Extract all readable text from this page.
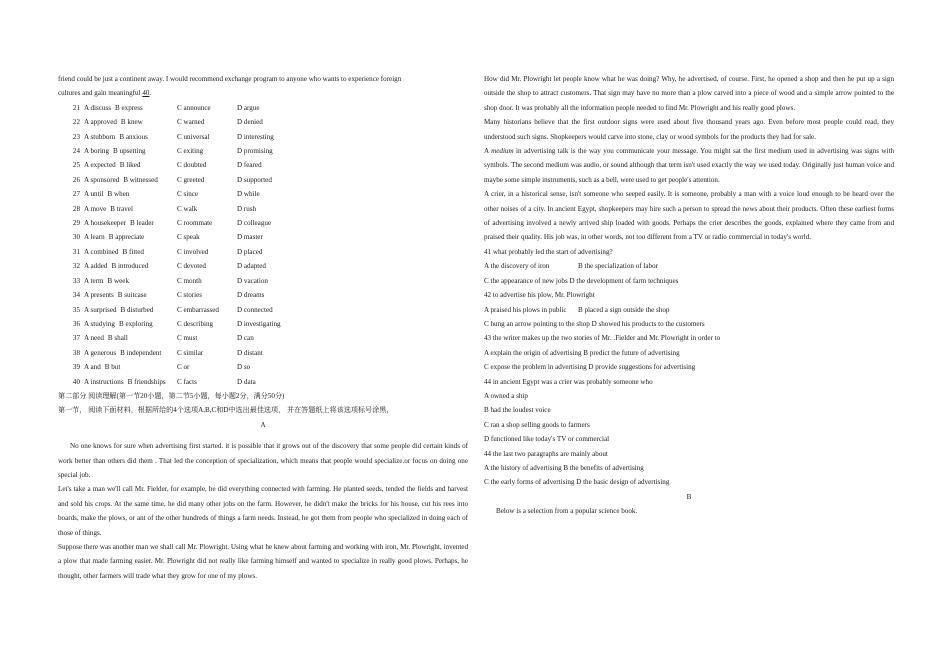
friend could be just a continent away. I would recommend exchange program to anyone who wants to experience foreign
cultures and gain meaningful 40.
21 A discuss B express	C announce	D argue
22 A approved B knew	C warned	D denied
23 A stubborn B anxious	C universal	D interesting
24 A boring B upsetting	C exiting	D promising
25 A expected B liked	C doubted	D feared
26 A sponsored B witnessed	C greeted	D supported
27 A until B when	C since	D while
28 A move B travel	C walk	D rush
29 A housekeeper B leader	C roommate	D colleague
30 A learn B appreciate	C speak	D master
31 A combined B fitted	C involved	D placed
32 A added B introduced	C devoted	D adapted
33 A term B week	C month	D vacation
34 A presents B suitcase	C stories	D dreams
35 A surprised B disturbed	C embarrassed	D connected
36 A studying B exploring	C describing	D investigating
37 A need B shall	C must	D can
38 A generous B independent	C similar	D distant
39 A and B but	C or	D so
40 A instructions B friendships	C facts	D data
第二部分 阅读理解(第一节20小题，第二节5小题，每小题2分，满分50分)
第一节， 阅读下面材料，根据所给的4个选项A,B,C和D中选出最佳选项， 并在答题纸上将该选项标号涂黑，
A
No one knows for sure when advertising first started. it is possible that it grows out of the discovery that some people did certain kinds of work better than others did them . That led the conception of specialization, which means that people would specialize.or focus on doing one special job.
Let's take a man we'll call Mr. Fielder, for example, he did everything connected with farming. He planted seeds, tended the fields and harvest and sold his crops. At the same time, he did many other jobs on the farm. However, he didn't make the bricks for his house, cut his rees into boards, make the plows, or ant of the other hundreds of things a farm needs. Instead, he got them from people who specialized in doing each of those of things.
Suppose there was another man we shall call Mr. Plowright. Using what he knew about farming and working with iron, Mr. Plowright, invented a plow that made farming easier. Mr. Plowright did not really like farming himself and wanted to specialize in really good plows. Perhaps, he thought, other farmers will trade what they grow for one of my plows.
How did Mr. Plowright let people know what he was doing? Why, he advertised, of course. First, he opened a shop and then he put up a sign outside the shop to attract customers. That sign may have no more than a plow carved into a piece of wood and a simple arrow pointed to the shop door. It was probably all the information people needed to find Mr. Plowright and his really good plows.
Many historians believe that the first outdoor signs were used about five thousand years ago. Even before most people could read, they understood such signs. Shopkeepers would carve into stone, clay or wood symbols for the products they had for sale.
A medium in advertising talk is the way you communicate your message. You might sat the first medium used in advertising was signs with symbols. The second medium was audio, or sound although that term isn't used exactly the way we used today. Originally just human voice and maybe some simple instruments, such as a bell, were used to get people's attention.
A crier, in a historical sense, isn't someone who seeped easily. It is someone, probably a man with a voice loud enough to be heard over the other noises of a city. In ancient Egypt, shopkeepers may hire such a person to spread the news about their products. Often these earliest forms of advertising involved a newly arrived ship loaded with goods. Perhaps the crier describes the goods, explained where they came from and praised their quality. His job was, in other words, not too different from a TV or radio commercial in today's world.
41 what probably led the start of advertising?
A the discovery of iron	B the specialization of labor
C the appearance of new jobs D the development of farm techniques
42 to advertise his plow, Mr. Plowright
A praised his plows in public	B placed a sign outside the shop
C hung an arrow pointing to the shop D showed his products to the customers
43 the writer makes up the two stories of Mr. .Fielder and Mr. Plowright in order to
A explain the origin of advertising B predict the future of advertising
C expose the problem in advertising D provide suggestions for advertising
44 in ancient Egypt was a crier was probably someone who
A owned a ship
B had the loudest voice
C ran a shop selling goods to farmers
D functioned like today's TV or commercial
44 the last two paragraphs are mainly about
A the history of advertising B the benefits of advertising
C the early forms of advertising D the basic design of advertising
B
Below is a selection from a popular science book.
